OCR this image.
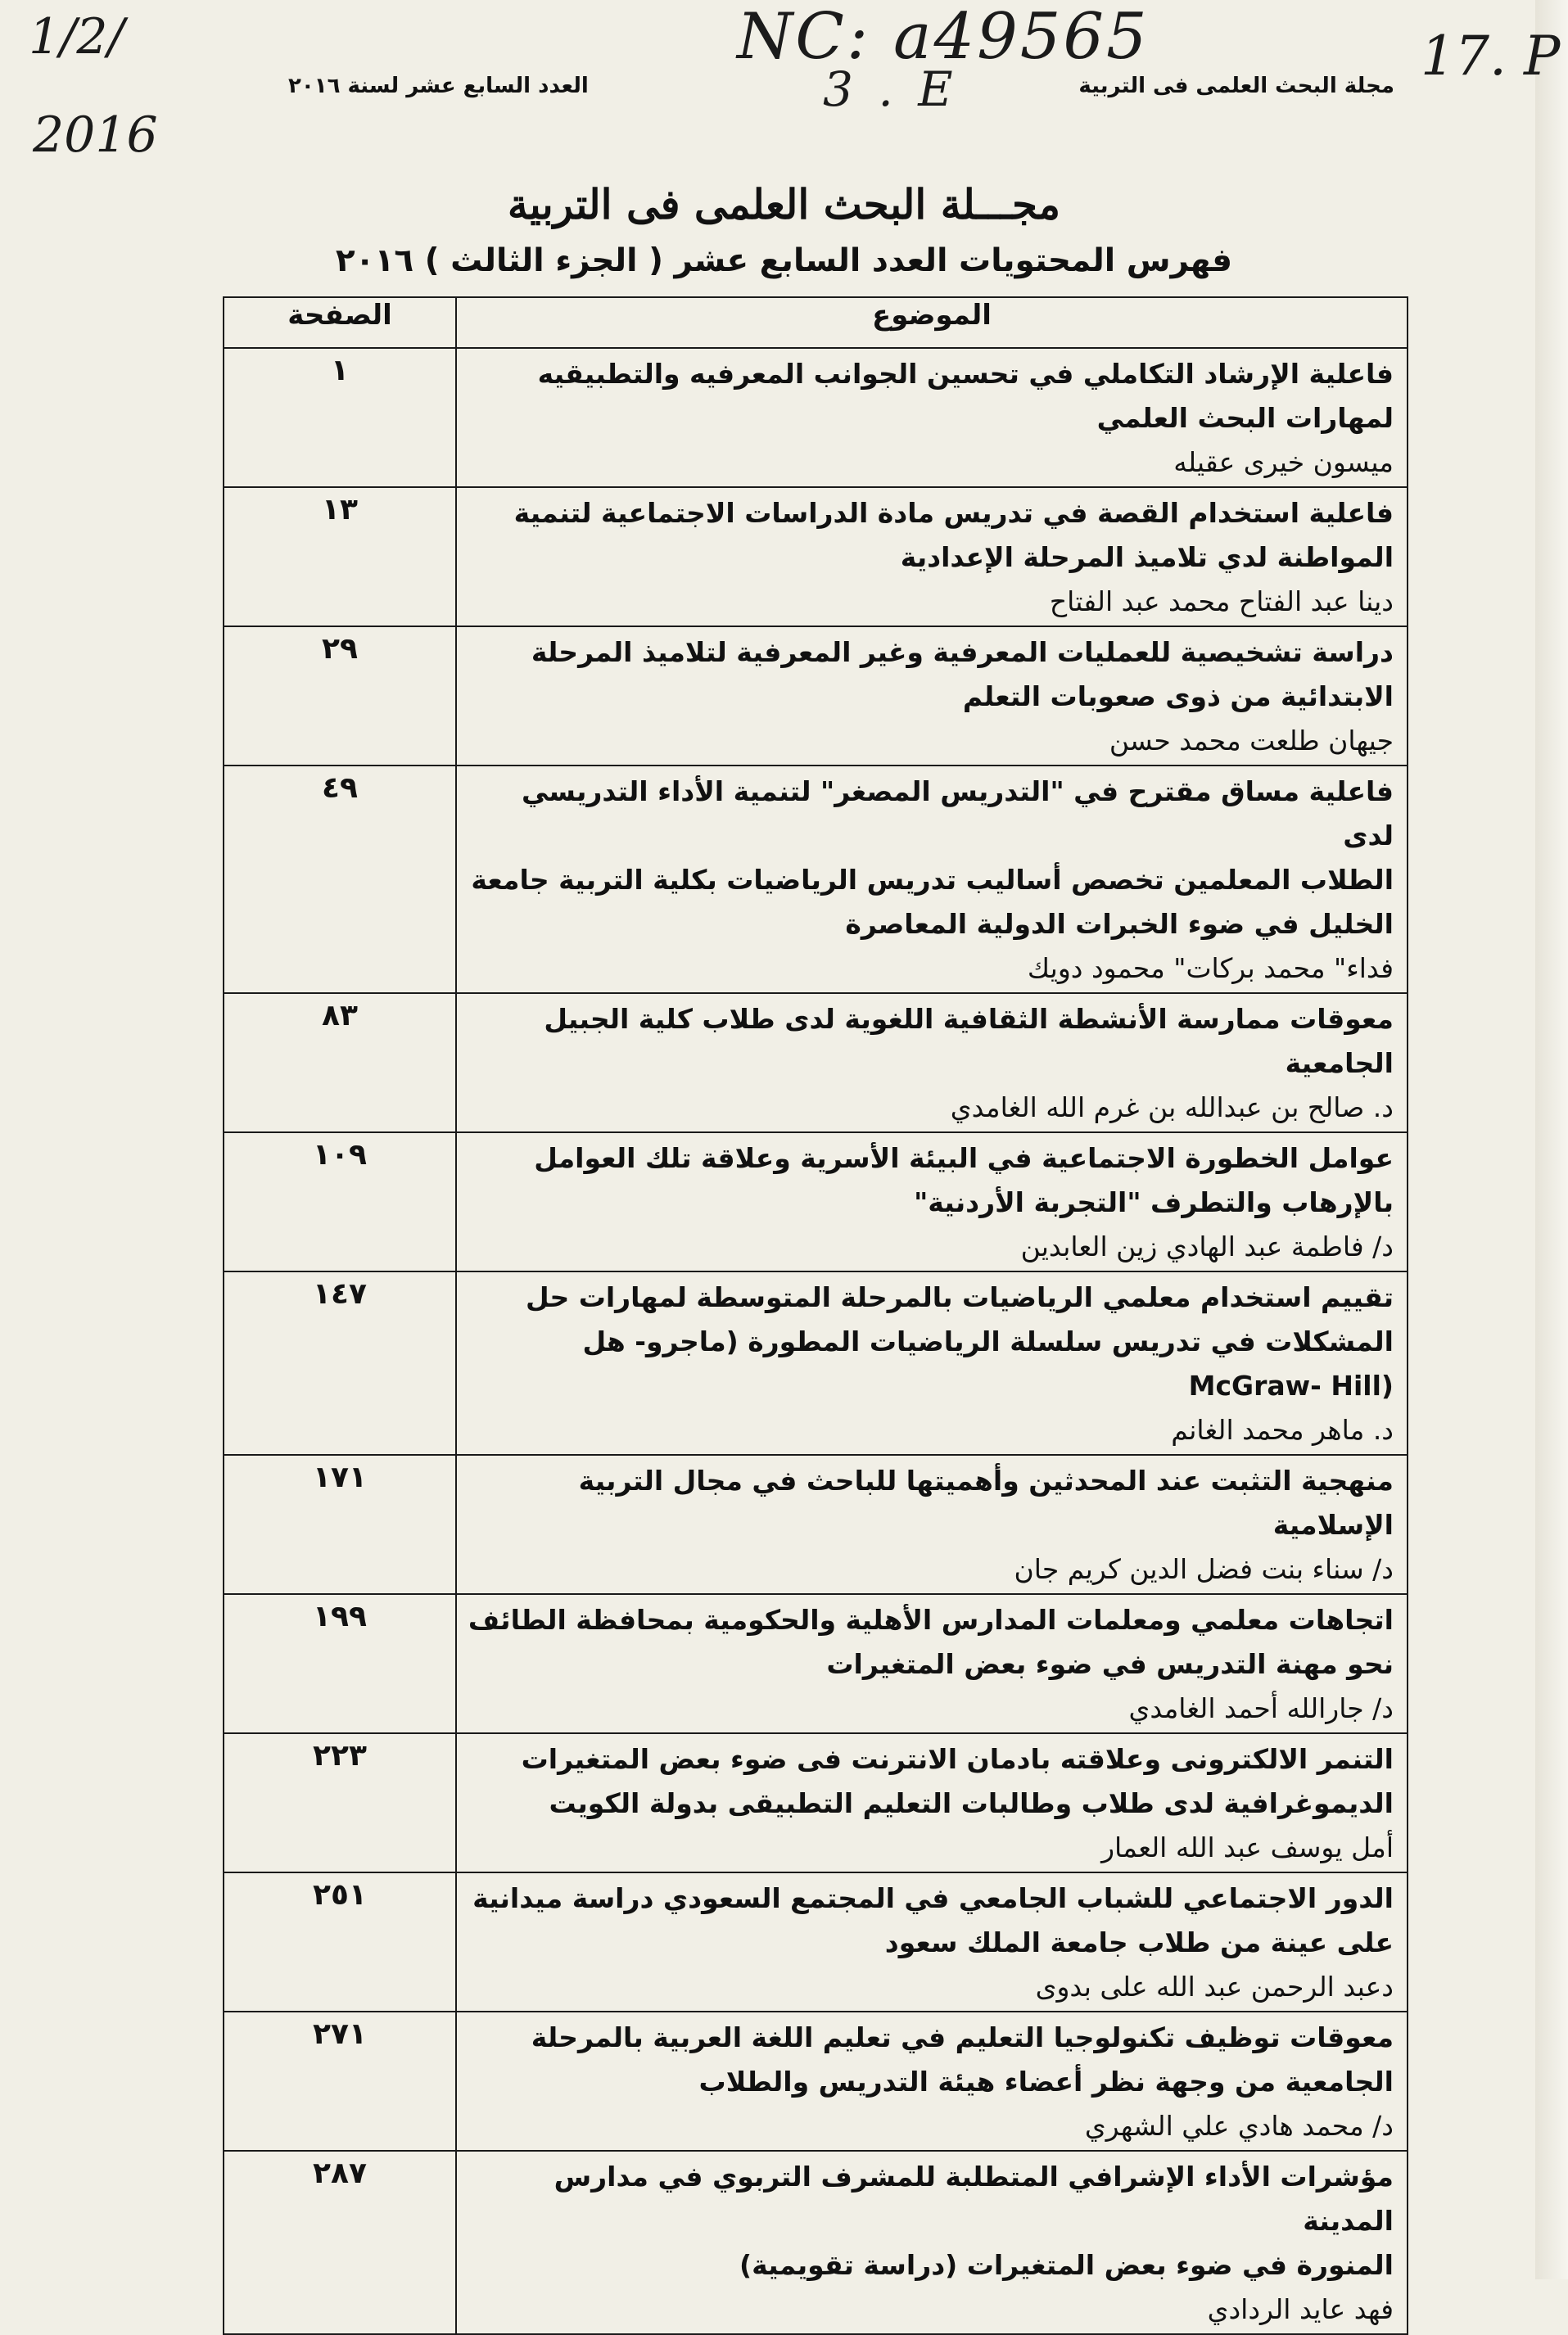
1/2/
2016
NC: a49565
3 . E
17. P
مجلة البحث العلمى فى التربية
العدد السابع عشر لسنة ٢٠١٦
مجـــلة البحث العلمى فى التربية
فهرس المحتويات العدد السابع عشر ( الجزء الثالث ) ٢٠١٦
الموضوع	الصفحة

فاعلية الإرشاد التكاملي في تحسين الجوانب المعرفيه والتطبيقيه
لمهارات البحث العلمي
ميسون خيرى عقيله	١

فاعلية استخدام القصة في تدريس مادة الدراسات الاجتماعية لتنمية
المواطنة لدي تلاميذ المرحلة الإعدادية
دينا عبد الفتاح محمد عبد الفتاح	١٣

دراسة تشخيصية للعمليات المعرفية وغير المعرفية لتلاميذ المرحلة
الابتدائية من ذوى صعوبات التعلم
جيهان طلعت محمد حسن	٢٩

فاعلية مساق مقترح في "التدريس المصغر" لتنمية الأداء التدريسي لدى
الطلاب المعلمين تخصص أساليب تدريس الرياضيات بكلية التربية جامعة
الخليل في ضوء الخبرات الدولية المعاصرة
فداء" محمد بركات" محمود دويك	٤٩

معوقات ممارسة الأنشطة الثقافية اللغوية لدى طلاب كلية الجبيل الجامعية
د. صالح بن عبدالله بن غرم الله الغامدي	٨٣

عوامل الخطورة الاجتماعية في البيئة الأسرية وعلاقة تلك العوامل
بالإرهاب والتطرف "التجربة الأردنية"
د/ فاطمة عبد الهادي زين العابدين	١٠٩

تقييم استخدام معلمي الرياضيات بالمرحلة المتوسطة لمهارات حل
المشكلات في تدريس سلسلة الرياضيات المطورة (ماجرو- هل
McGraw- Hill)
د. ماهر محمد الغانم	١٤٧

منهجية التثبت عند المحدثين وأهميتها للباحث في مجال التربية الإسلامية
د/ سناء بنت فضل الدين كريم جان	١٧١

اتجاهات معلمي ومعلمات المدارس الأهلية والحكومية بمحافظة الطائف
نحو مهنة التدريس في ضوء بعض المتغيرات
د/ جارالله أحمد الغامدي	١٩٩

التنمر الالكترونى وعلاقته بادمان الانترنت فى ضوء بعض المتغيرات
الديموغرافية لدى طلاب وطالبات التعليم التطبيقى بدولة الكويت
أمل يوسف عبد الله العمار	٢٢٣

الدور الاجتماعي للشباب الجامعي في المجتمع السعودي دراسة ميدانية
على عينة من طلاب جامعة الملك سعود
دعبد الرحمن عبد الله على بدوى	٢٥١

معوقات توظيف تكنولوجيا التعليم في تعليم اللغة العربية بالمرحلة
الجامعية من وجهة نظر أعضاء هيئة التدريس والطلاب
د/ محمد هادي علي الشهري	٢٧١

مؤشرات الأداء الإشرافي المتطلبة للمشرف التربوي في مدارس المدينة
المنورة في ضوء بعض المتغيرات (دراسة تقويمية)
فهد عايد الردادي	٢٨٧
